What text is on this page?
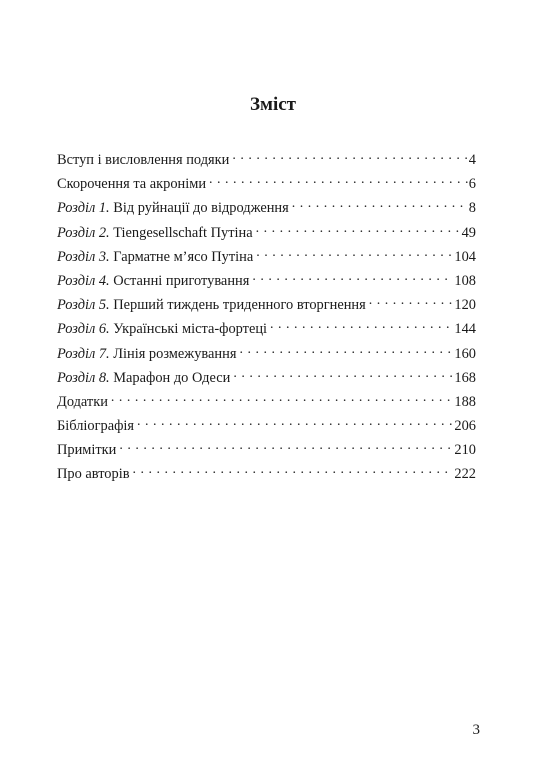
Зміст
Вступ і висловлення подяки . . .	4
Скорочення та акроніми . . .	6
Розділ 1. Від руйнації до відродження . . .	8
Розділ 2. Tiengesellschaft Путіна . . .	49
Розділ 3. Гарматне м’ясо Путіна . . .	104
Розділ 4. Останні приготування . . .	108
Розділ 5. Перший тиждень тридeнного вторгнення . . .	120
Розділ 6. Українські міста-фортеці . . .	144
Розділ 7. Лінія розмежування . . .	160
Розділ 8. Марафон до Одеси . . .	168
Додатки . . .	188
Бібліографія . . .	206
Примітки . . .	210
Про авторів . . .	222
3
